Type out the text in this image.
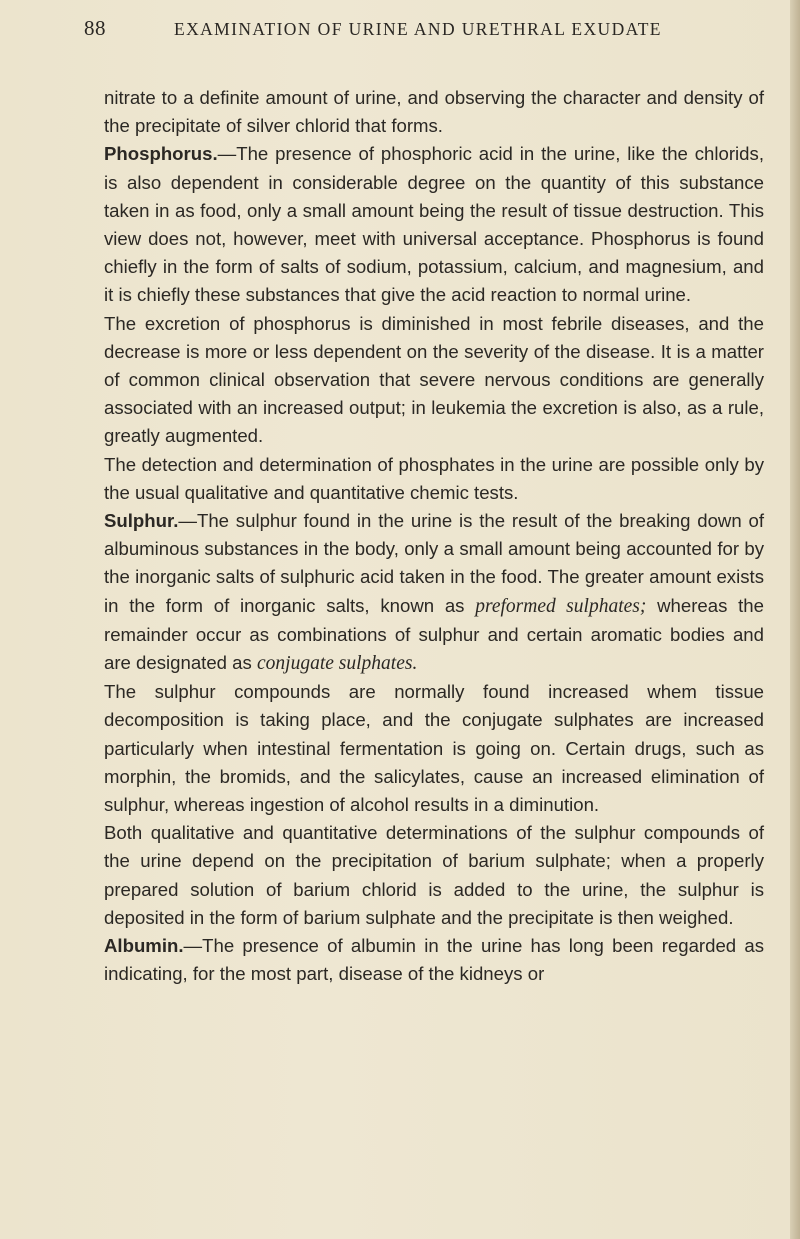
88	EXAMINATION OF URINE AND URETHRAL EXUDATE

nitrate to a definite amount of urine, and observing the character and density of the precipitate of silver chlorid that forms.

Phosphorus.—The presence of phosphoric acid in the urine, like the chlorids, is also dependent in considerable degree on the quantity of this substance taken in as food, only a small amount being the result of tissue destruction. This view does not, however, meet with universal acceptance. Phosphorus is found chiefly in the form of salts of sodium, potassium, calcium, and magnesium, and it is chiefly these substances that give the acid reaction to normal urine.

The excretion of phosphorus is diminished in most febrile diseases, and the decrease is more or less dependent on the severity of the disease. It is a matter of common clinical observation that severe nervous conditions are generally associated with an increased output; in leukemia the excretion is also, as a rule, greatly augmented.

The detection and determination of phosphates in the urine are possible only by the usual qualitative and quantitative chemic tests.

Sulphur.—The sulphur found in the urine is the result of the breaking down of albuminous substances in the body, only a small amount being accounted for by the inorganic salts of sulphuric acid taken in the food. The greater amount exists in the form of inorganic salts, known as preformed sulphates; whereas the remainder occur as combinations of sulphur and certain aromatic bodies and are designated as conjugate sulphates.

The sulphur compounds are normally found increased whem tissue decomposition is taking place, and the conjugate sulphates are increased particularly when intestinal fermentation is going on. Certain drugs, such as morphin, the bromids, and the salicylates, cause an increased elimination of sulphur, whereas ingestion of alcohol results in a diminution.

Both qualitative and quantitative determinations of the sulphur compounds of the urine depend on the precipitation of barium sulphate; when a properly prepared solution of barium chlorid is added to the urine, the sulphur is deposited in the form of barium sulphate and the precipitate is then weighed.

Albumin.—The presence of albumin in the urine has long been regarded as indicating, for the most part, disease of the kidneys or
